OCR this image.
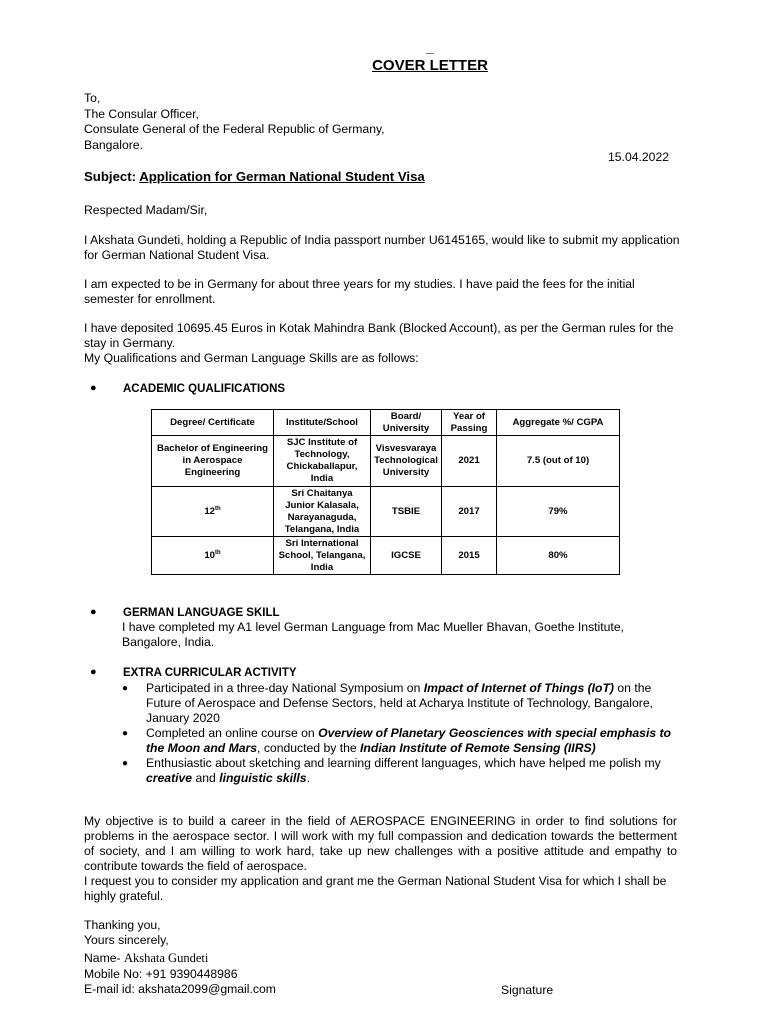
_
COVER LETTER
To,
The Consular Officer,
Consulate General of the Federal Republic of Germany,
Bangalore.
15.04.2022
Subject: Application for German National Student Visa
Respected Madam/Sir,
I Akshata Gundeti, holding a Republic of India passport number U6145165, would like to submit my application for German National Student Visa.
I am expected to be in Germany for about three years for my studies. I have paid the fees for the initial semester for enrollment.
I have deposited 10695.45 Euros in Kotak Mahindra Bank (Blocked Account), as per the German rules for the stay in Germany.
My Qualifications and German Language Skills are as follows:
● ACADEMIC QUALIFICATIONS
Degree/ Certificate	Institute/School	Board/ University	Year of Passing	Aggregate %/ CGPA
Bachelor of Engineering in Aerospace Engineering	SJC Institute of Technology, Chickaballapur, India	Visvesvaraya Technological University	2021	7.5 (out of 10)
12th	Sri Chaitanya Junior Kalasala, Narayanaguda, Telangana, India	TSBIE	2017	79%
10th	Sri International School, Telangana, India	IGCSE	2015	80%
● GERMAN LANGUAGE SKILL
I have completed my A1 level German Language from Mac Mueller Bhavan, Goethe Institute, Bangalore, India.
● EXTRA CURRICULAR ACTIVITY
● Participated in a three-day National Symposium on Impact of Internet of Things (IoT) on the Future of Aerospace and Defense Sectors, held at Acharya Institute of Technology, Bangalore, January 2020
● Completed an online course on Overview of Planetary Geosciences with special emphasis to the Moon and Mars, conducted by the Indian Institute of Remote Sensing (IIRS)
● Enthusiastic about sketching and learning different languages, which have helped me polish my creative and linguistic skills.
My objective is to build a career in the field of AEROSPACE ENGINEERING in order to find solutions for problems in the aerospace sector. I will work with my full compassion and dedication towards the betterment of society, and I am willing to work hard, take up new challenges with a positive attitude and empathy to contribute towards the field of aerospace.
I request you to consider my application and grant me the German National Student Visa for which I shall be highly grateful.
Thanking you,
Yours sincerely,
Name- Akshata Gundeti
Mobile No: +91 9390448986
E-mail id: akshata2099@gmail.com	Signature
